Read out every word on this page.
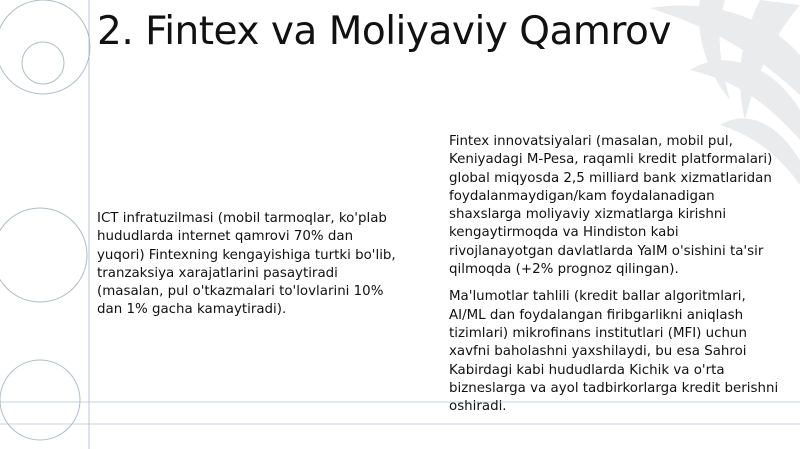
2. Fintex va Moliyaviy Qamrov

ICT infratuzilmasi (mobil tarmoqlar, ko'plab hududlarda internet qamrovi 70% dan yuqori) Fintexning kengayishiga turtki bo'lib, tranzaksiya xarajatlarini pasaytiradi (masalan, pul o'tkazmalari to'lovlarini 10% dan 1% gacha kamaytiradi).

Fintex innovatsiyalari (masalan, mobil pul, Keniyadagi M-Pesa, raqamli kredit platformalari) global miqyosda 2,5 milliard bank xizmatlaridan foydalanmaydigan/kam foydalanadigan shaxslarga moliyaviy xizmatlarga kirishni kengaytirmoqda va Hindiston kabi rivojlanayotgan davlatlarda YaIM o'sishini ta'sir qilmoqda (+2% prognoz qilingan).

Ma'lumotlar tahlili (kredit ballar algoritmlari, AI/ML dan foydalangan firibgarlikni aniqlash tizimlari) mikrofinans institutlari (MFI) uchun xavfni baholashni yaxshilaydi, bu esa Sahroi Kabirdagi kabi hududlarda Kichik va o'rta bizneslarga va ayol tadbirkorlarga kredit berishni oshiradi.
